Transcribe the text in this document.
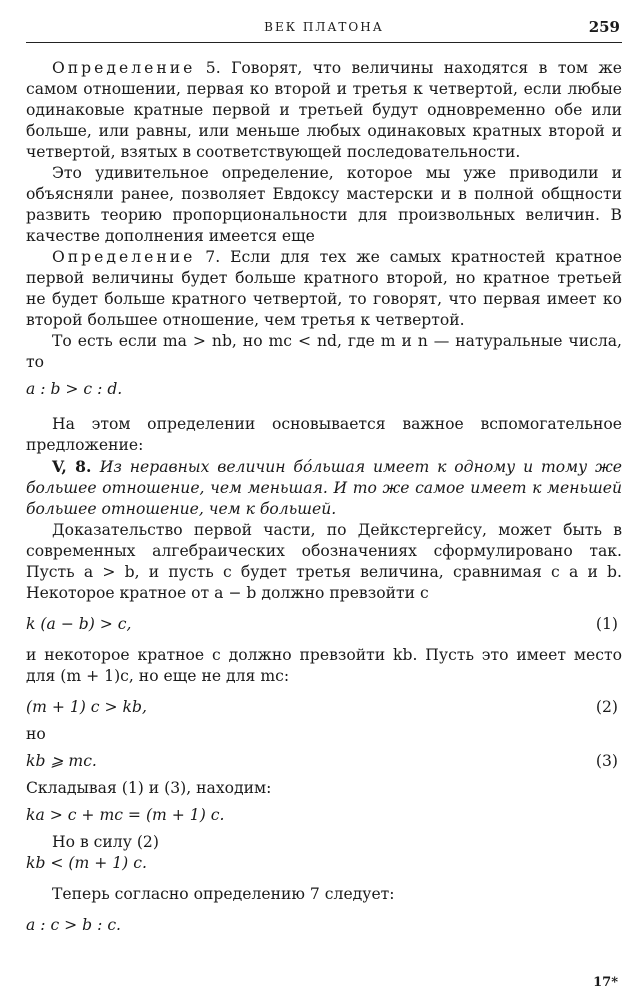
ВЕК ПЛАТОНА	259

Определение 5. Говорят, что величины находятся в том же самом отношении, первая ко второй и третья к четвертой, если любые одинаковые кратные первой и третьей будут одновременно обе или больше, или равны, или меньше любых одинаковых кратных второй и четвертой, взятых в соответствующей последовательности.

Это удивительное определение, которое мы уже приводили и объясняли ранее, позволяет Евдоксу мастерски и в полной общности развить теорию пропорциональности для произвольных величин. В качестве дополнения имеется еще

Определение 7. Если для тех же самых кратностей кратное первой величины будет больше кратного второй, но кратное третьей не будет больше кратного четвертой, то говорят, что первая имеет ко второй большее отношение, чем третья к четвертой.

То есть если ma > nb, но mc < nd, где m и n — натуральные числа, то

a : b > c : d.

На этом определении основывается важное вспомогательное предложение:

V, 8. Из неравных величин бóльшая имеет к одному и тому же большее отношение, чем меньшая. И то же самое имеет к меньшей большее отношение, чем к большей.

Доказательство первой части, по Дейкстергейсу, может быть в современных алгебраических обозначениях сформулировано так. Пусть a > b, и пусть c будет третья величина, сравнимая с a и b. Некоторое кратное от a − b должно превзойти c

k (a − b) > c,	(1)

и некоторое кратное c должно превзойти kb. Пусть это имеет место для (m + 1)c, но еще не для mc:

(m + 1) c > kb,	(2)

но

kb ⩾ mc.	(3)

Складывая (1) и (3), находим:

ka > c + mc = (m + 1) c.

Но в силу (2)

kb < (m + 1) c.

Теперь согласно определению 7 следует:

a : c > b : c.

17*
